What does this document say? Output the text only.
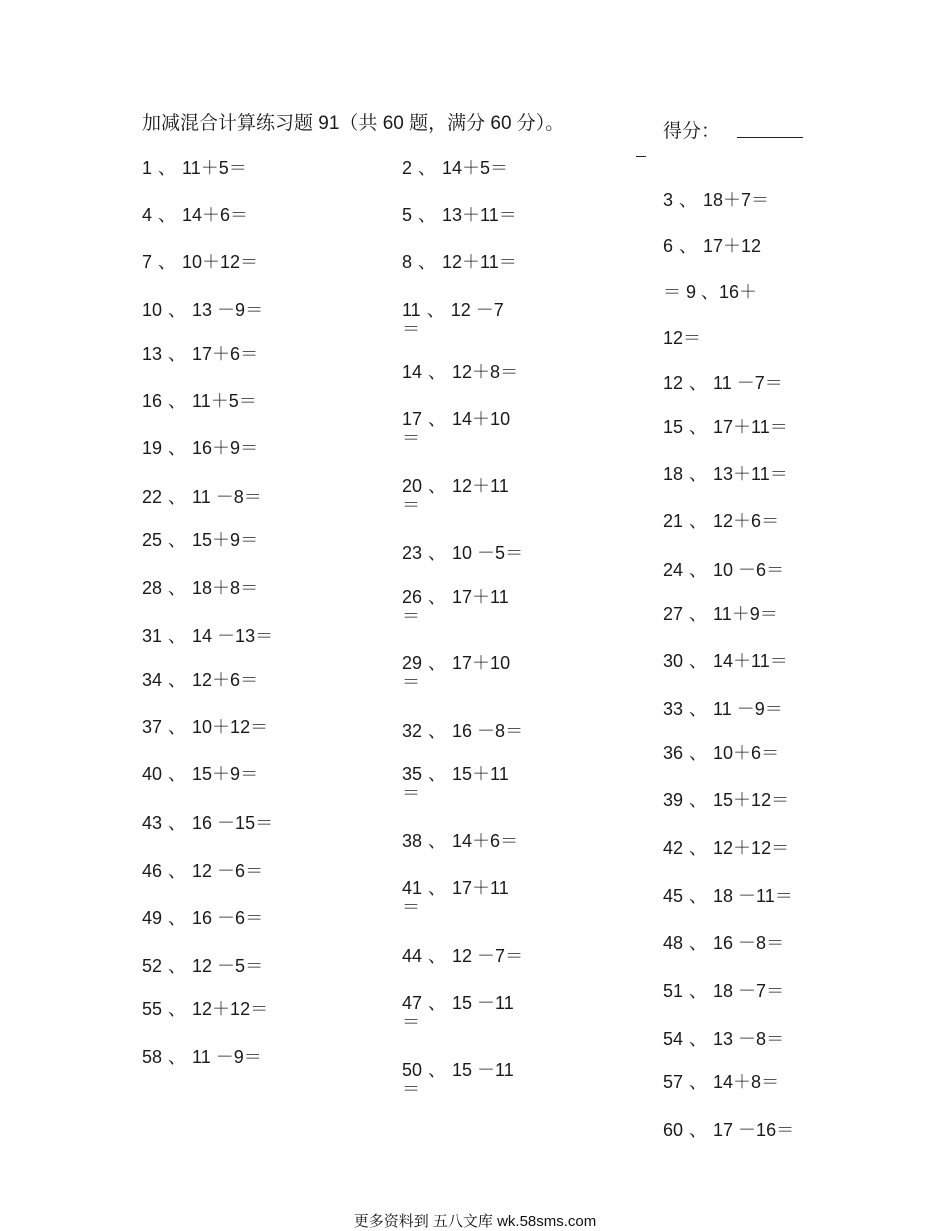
加减混合计算练习题 91（共 60 题，满分 60 分）。	得分：
1 、 11＋5＝
4 、 14＋6＝
7 、 10＋12＝
10 、 13 －9＝
13 、 17＋6＝
16 、 11＋5＝
19 、 16＋9＝
22 、 11 －8＝
25 、 15＋9＝
28 、 18＋8＝
31 、 14 －13＝
34 、 12＋6＝
37 、 10＋12＝
40 、 15＋9＝
43 、 16 －15＝
46 、 12 －6＝
49 、 16 －6＝
52 、 12 －5＝
55 、 12＋12＝
58 、 11 －9＝
2 、 14＋5＝
5 、 13＋11＝
8 、 12＋11＝
11 、 12 －7
＝
14 、 12＋8＝
17 、 14＋10
＝
20 、 12＋11
＝
23 、 10 －5＝
26 、 17＋11
＝
29 、 17＋10
＝
32 、 16 －8＝
35 、 15＋11
＝
38 、 14＋6＝
41 、 17＋11
＝
44 、 12 －7＝
47 、 15 －11
＝
50 、 15 －11
＝
3 、 18＋7＝
6 、 17＋12
＝ 9 、16＋
12＝
12 、 11 －7＝
15 、 17＋11＝
18 、 13＋11＝
21 、 12＋6＝
24 、 10 －6＝
27 、 11＋9＝
30 、 14＋11＝
33 、 11 －9＝
36 、 10＋6＝
39 、 15＋12＝
42 、 12＋12＝
45 、 18 －11＝
48 、 16 －8＝
51 、 18 －7＝
54 、 13 －8＝
57 、 14＋8＝
60 、 17 －16＝
更多资料到 五八文库 wk.58sms.com
